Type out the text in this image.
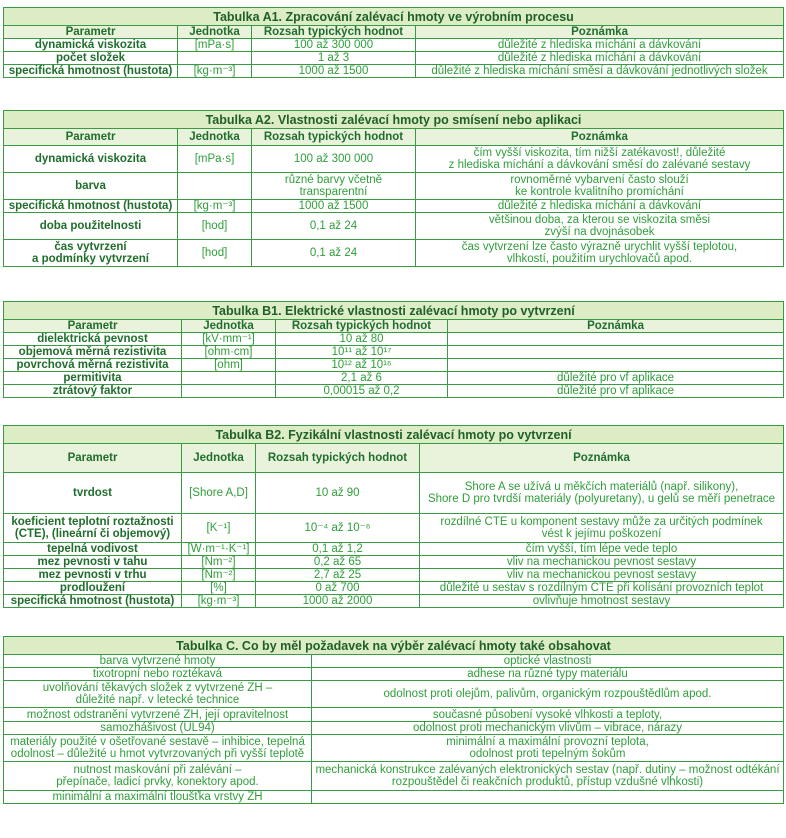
Tabulka A1. Zpracování zalévací hmoty ve výrobním procesu			
Parametr	Jednotka	Rozsah typických hodnot	Poznámka
dynamická viskozita	[mPa·s]	100 až 300 000	důležité z hlediska míchání a dávkování
počet složek		1 až 3	důležité z hlediska míchání a dávkování
specifická hmotnost (hustota)	[kg·m⁻³]	1000 až 1500	důležité z hlediska míchání směsí a dávkování jednotlivých složek
Tabulka A2. Vlastnosti zalévací hmoty po smísení nebo aplikaci			
Parametr	Jednotka	Rozsah typických hodnot	Poznámka
dynamická viskozita	[mPa·s]	100 až 300 000	čím vyšší viskozita, tím nižší zatékavost!, důležité
z hlediska míchání a dávkování směsí do zalévané sestavy
barva		různé barvy včetně transparentní	rovnoměrné vybarvení často slouží
ke kontrole kvalitního promíchání
specifická hmotnost (hustota)	[kg·m⁻³]	1000 až 1500	důležité z hlediska míchání a dávkování
doba použitelnosti	[hod]	0,1 až 24	většinou doba, za kterou se viskozita směsi
zvýší na dvojnásobek
čas vytvrzení
a podmínky vytvrzení	[hod]	0,1 až 24	čas vytvrzení lze často výrazně urychlit vyšší teplotou,
vlhkostí, použitím urychlovačů apod.
Tabulka B1. Elektrické vlastnosti zalévací hmoty po vytvrzení			
Parametr	Jednotka	Rozsah typických hodnot	Poznámka
dielektrická pevnost	[kV·mm⁻¹]	10 až 80	
objemová měrná rezistivita	[ohm·cm]	10¹¹ až 10¹⁷	
povrchová měrná rezistivita	[ohm]	10¹² až 10¹⁶	
permitivita		2,1 až 6	důležité pro vf aplikace
ztrátový faktor		0,00015 až 0,2	důležité pro vf aplikace
Tabulka B2. Fyzikální vlastnosti zalévací hmoty po vytvrzení			
Parametr	Jednotka	Rozsah typických hodnot	Poznámka
tvrdost	[Shore A,D]	10 až 90	Shore A se užívá u měkčích materiálů (např. silikony),
Shore D pro tvrdší materiály (polyuretany), u gelů se měří penetrace
koeficient teplotní roztažnosti
(CTE), (lineární či objemový)	[K⁻¹]	10⁻⁴ až 10⁻⁶	rozdílné CTE u komponent sestavy může za určitých podmínek
vést k jejímu poškození
tepelná vodivost	[W·m⁻¹·K⁻¹]	0,1 až 1,2	čím vyšší, tím lépe vede teplo
mez pevnosti v tahu	[Nm⁻²]	0,2 až 65	vliv na mechanickou pevnost sestavy
mez pevnosti v trhu	[Nm⁻²]	2,7 až 25	vliv na mechanickou pevnost sestavy
prodloužení	[%]	0 až 700	důležité u sestav s rozdílným CTE při kolísání provozních teplot
specifická hmotnost (hustota)	[kg·m⁻³]	1000 až 2000	ovlivňuje hmotnost sestavy
Tabulka C. Co by měl požadavek na výběr zalévací hmoty také obsahovat	
barva vytvrzené hmoty	optické vlastnosti
tixotropní nebo roztékavá	adhese na různé typy materiálu
uvolňování těkavých složek z vytvrzené ZH –
důležité např. v letecké technice	odolnost proti olejům, palivům, organickým rozpouštědlům apod.
možnost odstranění vytvrzené ZH, její opravitelnost	současné působení vysoké vlhkosti a teploty,
samozhášivost (UL94)	odolnost proti mechanickým vlivům – vibrace, nárazy
materiály použité v ošetřované sestavě – inhibice, tepelná
odolnost – důležité u hmot vytvrzovaných při vyšší teplotě	minimální a maximální provozní teplota,
odolnost proti tepelným šokům
nutnost maskování při zalévání –
přepínače, ladicí prvky, konektory apod.	mechanická konstrukce zalévaných elektronických sestav (např. dutiny – možnost odtékání
rozpouštědel či reakčních produktů, přístup vzdušné vlhkosti)
minimální a maximální tloušťka vrstvy ZH	
